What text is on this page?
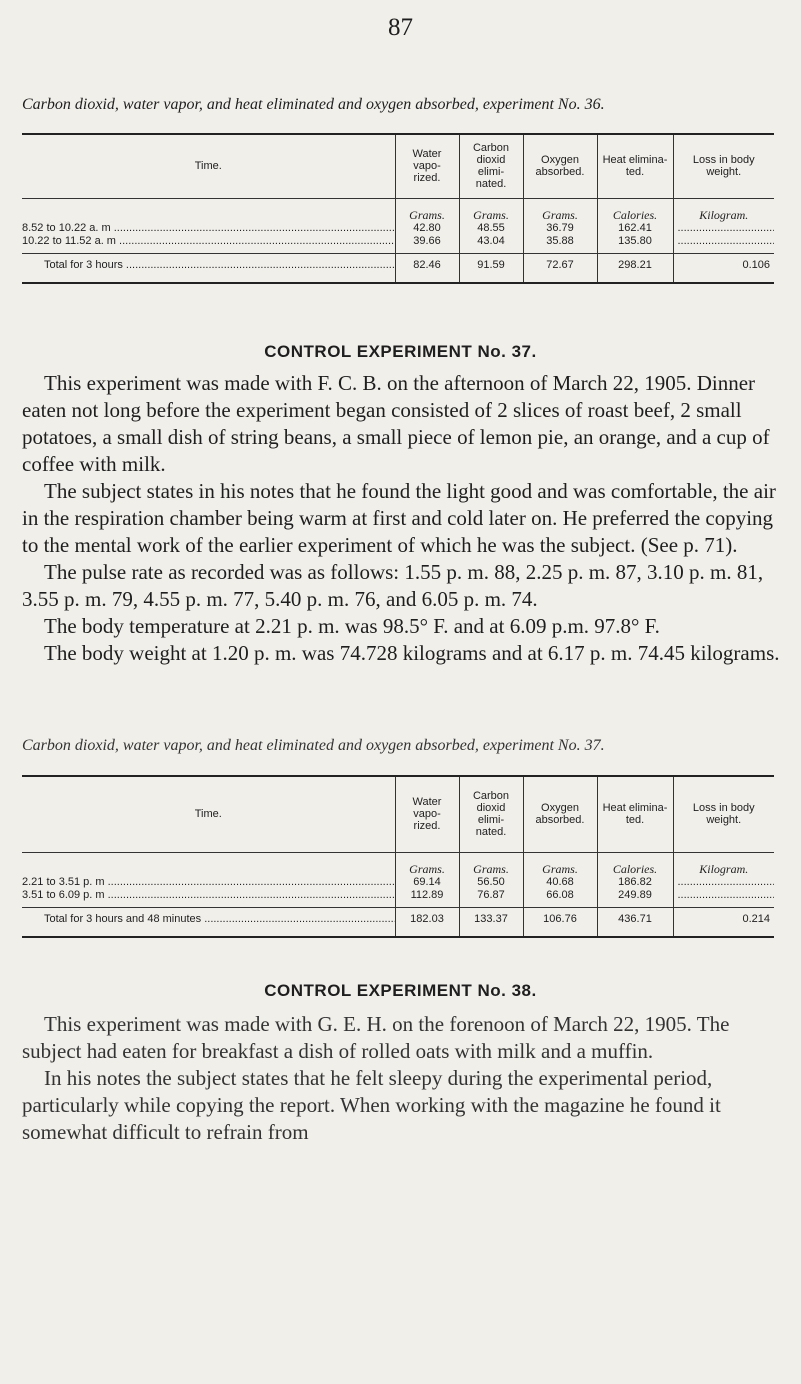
87
Carbon dioxid, water vapor, and heat eliminated and oxygen absorbed, experiment No. 36.
Time.	Water vapo- rized.	Carbon dioxid elimi- nated.	Oxygen absorbed.	Heat elimina- ted.	Loss in body weight.
	Grams.	Grams.	Grams.	Calories.	Kilogram.
8.52 to 10.22 a. m .....	42.80	48.55	36.79	162.41	.....
10.22 to 11.52 a. m .....	39.66	43.04	35.88	135.80	.....
Total for 3 hours .....	82.46	91.59	72.67	298.21	0.106
CONTROL EXPERIMENT No. 37.

This experiment was made with F. C. B. on the afternoon of March 22, 1905. Dinner eaten not long before the experiment began consisted of 2 slices of roast beef, 2 small potatoes, a small dish of string beans, a small piece of lemon pie, an orange, and a cup of coffee with milk.

The subject states in his notes that he found the light good and was comfortable, the air in the respiration chamber being warm at first and cold later on. He preferred the copying to the mental work of the earlier experiment of which he was the subject. (See p. 71).

The pulse rate as recorded was as follows: 1.55 p. m. 88, 2.25 p. m. 87, 3.10 p. m. 81, 3.55 p. m. 79, 4.55 p. m. 77, 5.40 p. m. 76, and 6.05 p. m. 74.

The body temperature at 2.21 p. m. was 98.5° F. and at 6.09 p.m. 97.8° F.

The body weight at 1.20 p. m. was 74.728 kilograms and at 6.17 p. m. 74.45 kilograms.

Carbon dioxid, water vapor, and heat eliminated and oxygen absorbed, experiment No. 37.
Time.	Water vapo- rized.	Carbon dioxid elimi- nated.	Oxygen absorbed.	Heat elimina- ted.	Loss in body weight.
	Grams.	Grams.	Grams.	Calories.	Kilogram.
2.21 to 3.51 p. m .....	69.14	56.50	40.68	186.82	.....
3.51 to 6.09 p. m .....	112.89	76.87	66.08	249.89	.....
Total for 3 hours and 48 minutes .....	182.03	133.37	106.76	436.71	0.214
CONTROL EXPERIMENT No. 38.

This experiment was made with G. E. H. on the forenoon of March 22, 1905. The subject had eaten for breakfast a dish of rolled oats with milk and a muffin.

In his notes the subject states that he felt sleepy during the experimental period, particularly while copying the report. When working with the magazine he found it somewhat difficult to refrain from
